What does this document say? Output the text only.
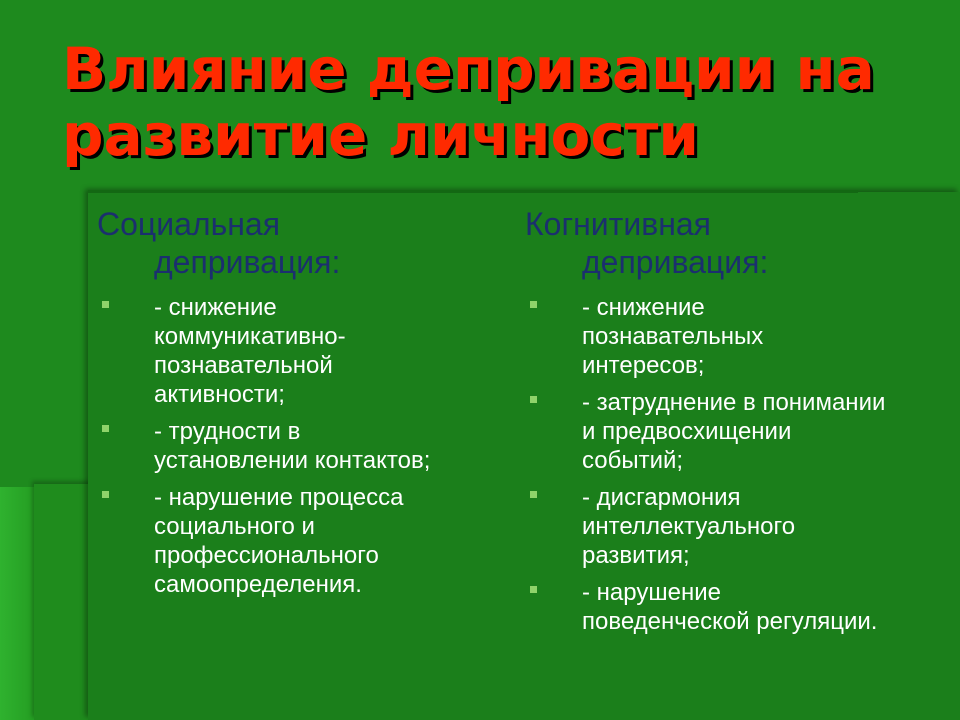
Влияние депривации на
развитие личности
Социальная
депривация:
- снижение
коммуникативно-
познавательной
активности;
- трудности в
установлении контактов;
- нарушение процесса
социального и
профессионального
самоопределения.
Когнитивная
депривация:
- снижение
познавательных
интересов;
- затруднение в понимании
и предвосхищении
событий;
- дисгармония
интеллектуального
развития;
- нарушение
поведенческой регуляции.
